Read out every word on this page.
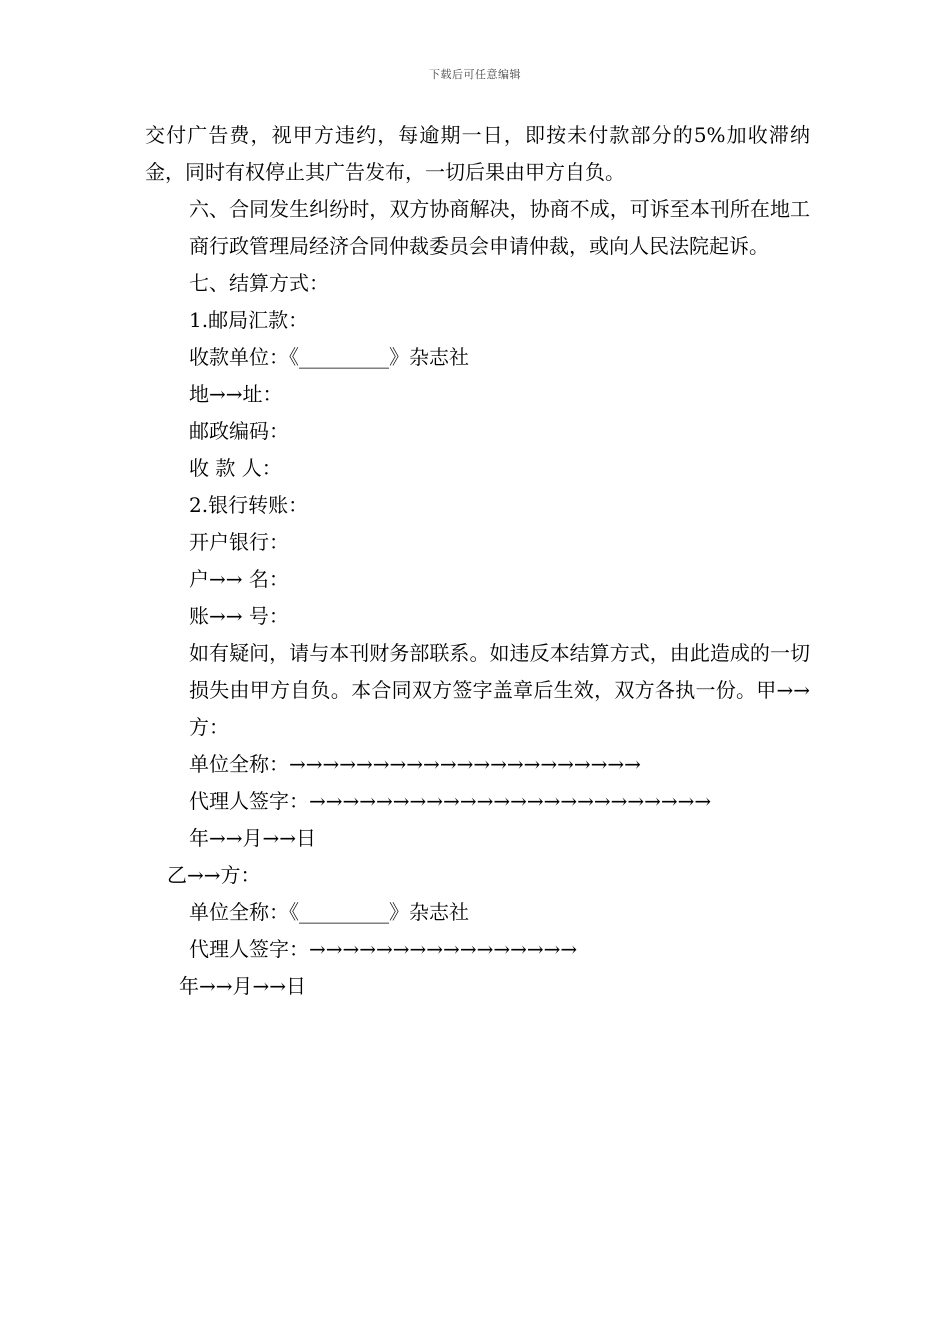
下载后可任意编辑

交付广告费，视甲方违约，每逾期一日，即按未付款部分的5%加收滞纳金，同时有权停止其广告发布，一切后果由甲方自负。

六、合同发生纠纷时，双方协商解决，协商不成，可诉至本刊所在地工商行政管理局经济合同仲裁委员会申请仲裁，或向人民法院起诉。

七、结算方式：

1.邮局汇款：

收款单位：《_________》杂志社

地→→址：

邮政编码：

收 款 人：

2.银行转账：

开户银行：

户→→ 名：

账→→ 号：

如有疑问，请与本刊财务部联系。如违反本结算方式，由此造成的一切损失由甲方自负。本合同双方签字盖章后生效，双方各执一份。甲→→方：

单位全称：→→→→→→→→→→→→→→→→→→→→→

代理人签字：→→→→→→→→→→→→→→→→→→→→→→→→

年→→月→→日

乙→→方：

单位全称：《_________》杂志社

代理人签字：→→→→→→→→→→→→→→→→

年→→月→→日
